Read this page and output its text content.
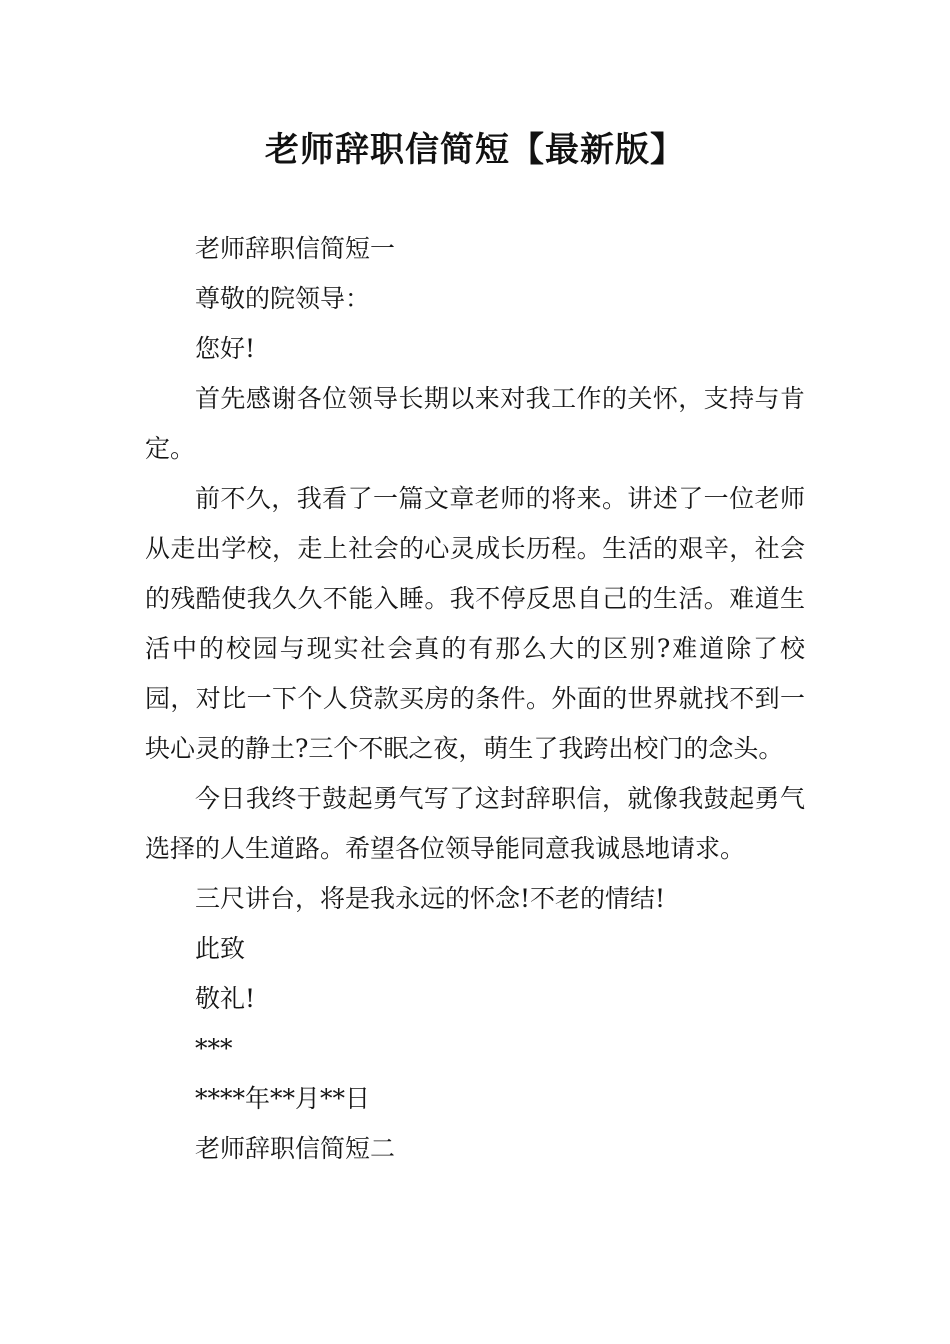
老师辞职信简短【最新版】

老师辞职信简短一

尊敬的院领导：

您好!

首先感谢各位领导长期以来对我工作的关怀，支持与肯定。

前不久，我看了一篇文章老师的将来。讲述了一位老师从走出学校，走上社会的心灵成长历程。生活的艰辛，社会的残酷使我久久不能入睡。我不停反思自己的生活。难道生活中的校园与现实社会真的有那么大的区别?难道除了校园，对比一下个人贷款买房的条件。外面的世界就找不到一块心灵的静土?三个不眠之夜，萌生了我跨出校门的念头。

今日我终于鼓起勇气写了这封辞职信，就像我鼓起勇气选择的人生道路。希望各位领导能同意我诚恳地请求。

三尺讲台，将是我永远的怀念!不老的情结!

此致

敬礼!

***

****年**月**日

老师辞职信简短二
